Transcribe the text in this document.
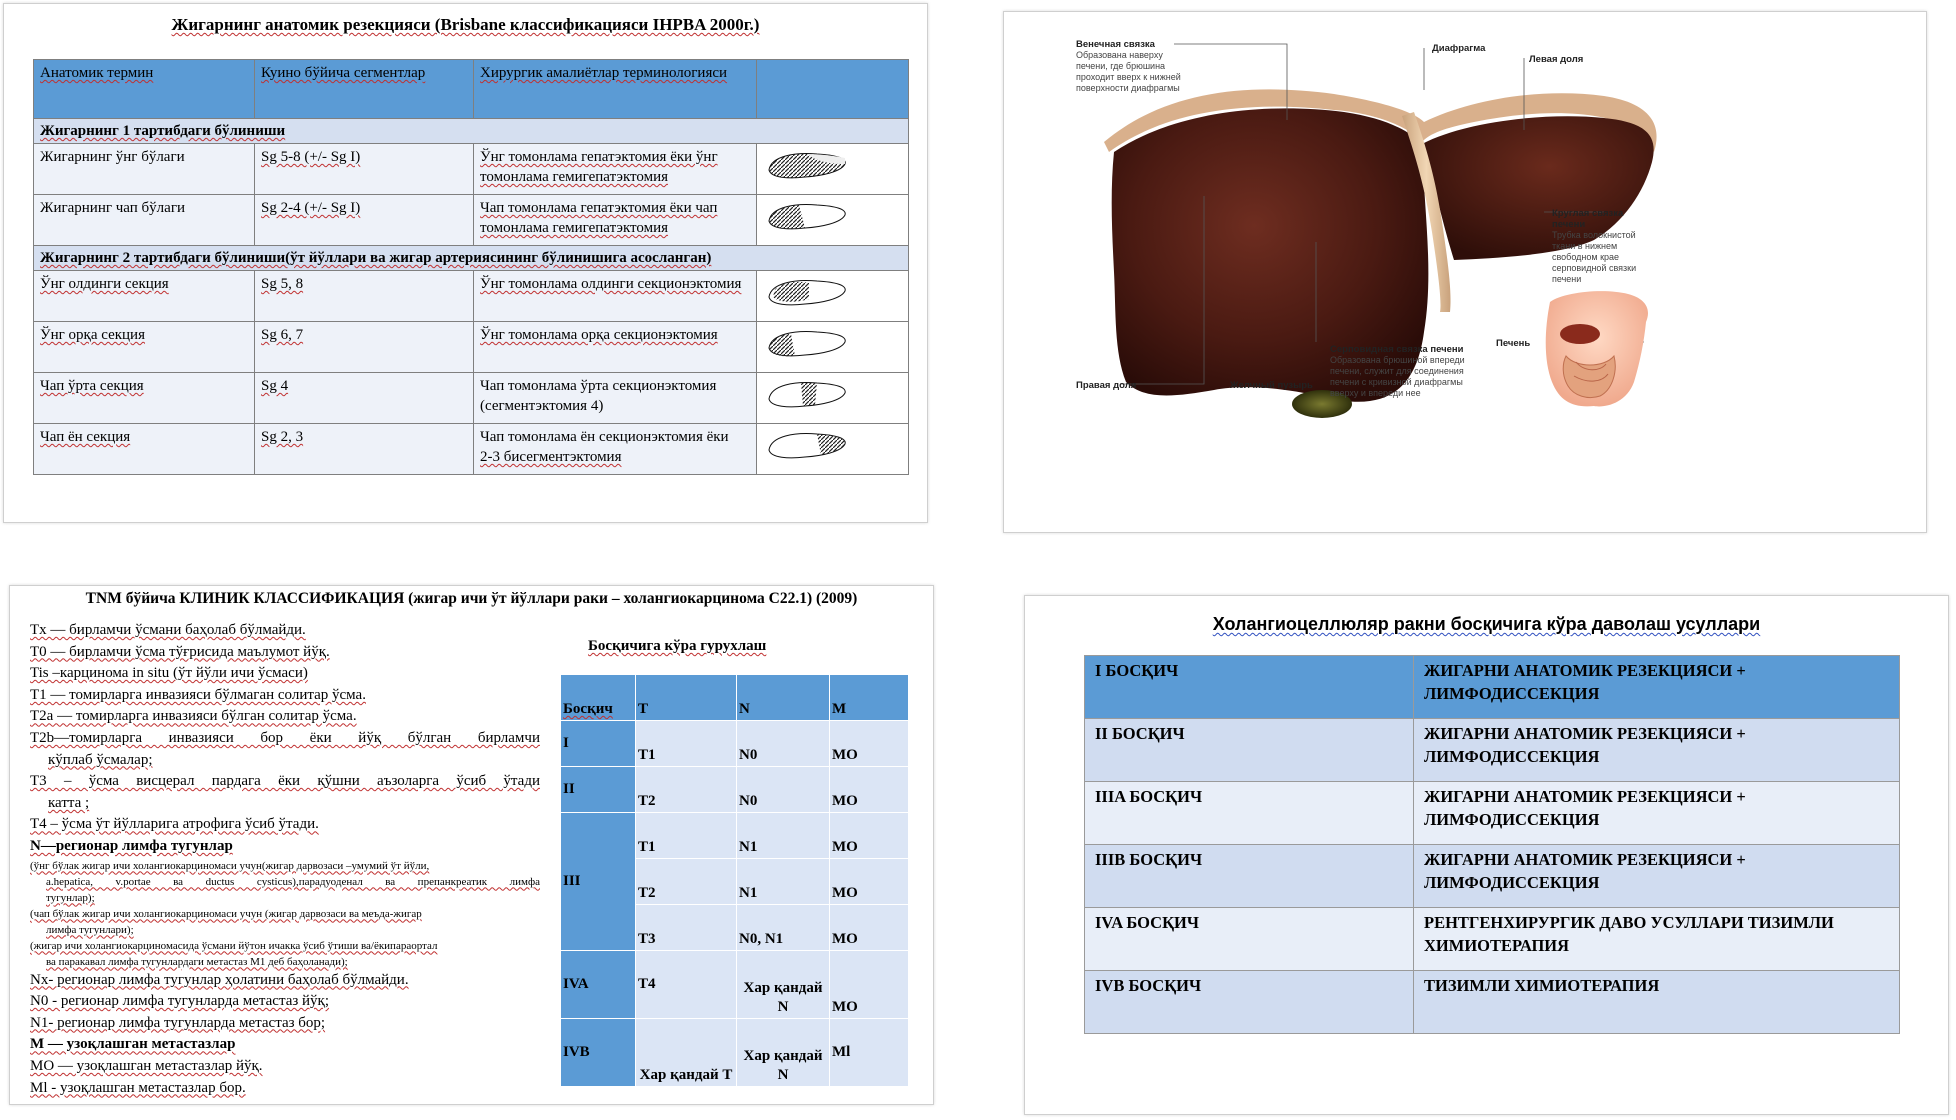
Жигарнинг анатомик резекцияси (Brisbane классификацияси IHPBA 2000г.)
Анатомик термин	Куино бўйича сегментлар	Хирургик амалиётлар терминологияси	
Жигарнинг 1 тартибдаги бўлиниши			
Жигарнинг ўнг бўлаги	Sg 5-8 (+/- Sg I)	Ўнг томонлама гепатэктомия ёки ўнг томонлама гемигепатэктомия	
Жигарнинг чап бўлаги	Sg 2-4 (+/- Sg I)	Чап томонлама гепатэктомия ёки чап томонлама гемигепатэктомия	
Жигарнинг 2 тартибдаги бўлиниши(ўт йўллари ва жигар артериясининг бўлинишига асосланган)			
Ўнг олдинги секция	Sg 5, 8	Ўнг томонлама олдинги секционэктомия	
Ўнг орқа секция	Sg 6, 7	Ўнг томонлама орқа секционэктомия	
Чап ўрта секция	Sg 4	Чап томонлама ўрта секционэктомия (сегментэктомия 4)	
Чап ён секция	Sg 2, 3	Чап томонлама ён секционэктомия ёки
2-3 бисегментэктомия

Венечная связка
Образована наверху печени, где брюшина проходит вверх к нижней поверхности диафрагмы
Диафрагма
Левая доля
Круглая связка печени
Трубка волокнистой ткани в нижнем свободном крае серповидной связки печени
Печень
Серповидная связка печени
Образована брюшиной впереди печени, служит для соединения печени с кривизной диафрагмы вверху и впереди нее
Желчный пузырь
Правая доля
TNM бўйича КЛИНИК КЛАССИФИКАЦИЯ (жигар ичи ўт йўллари раки – холангиокарцинома С22.1) (2009)
Tx — бирламчи ўсмани баҳолаб бўлмайди.
T0 — бирламчи ўсма тўғрисида маълумот йўқ.
Tis –карцинома in situ (ўт йўли ичи ўсмаси)
T1 — томирларга инвазияси бўлмаган солитар ўсма.
T2a — томирларга инвазияси бўлган солитар ўсма.
T2b—томирларга инвазияси бор ёки йўқ бўлган бирламчи
кўплаб ўсмалар;
T3 – ўсма висцерал пардага ёки қўшни аъзоларга ўсиб ўтади
катта ;
T4 – ўсма ўт йўлларига атрофига ўсиб ўтади.
N—регионар лимфа тугунлар
(ўнг бўлак жигар ичи холангиокарциномаси учун(жигар дарвозаси –умумий ўт йўли,
a.hepatica, v.portae ва ductus cysticus),парадуоденал ва препанкреатик лимфа
тугунлар);
(чап бўлак жигар ичи холангиокарциномаси учун (жигар дарвозаси ва меъда-жигар
лимфа тугунлари);
(жигар ичи холангиокарциномасида ўсмани йўтон ичакка ўсиб ўтиши ва/ёкипараортал
ва паракавал лимфа тугунлардаги метастаз М1 деб баҳоланади);
Nx- регионар лимфа тугунлар ҳолатини баҳолаб бўлмайди.
N0 - регионар лимфа тугунларда метастаз йўқ;
N1- регионар лимфа тугунларда метастаз бор;
M — узоқлашган метастазлар
MO — узоқлашган метастазлар йўқ.
Ml - узоқлашган метастазлар бор.
Босқичига кўра гурухлаш
Босқич	T	N	M
I	T1	N0	MO
II	T2	N0	MO
III	T1	N1	MO
	T2	N1	MO
	T3	N0, N1	MO
IVA	T4	Хар қандай N	MO
IVB	Хар қандай T	Хар қандай N	Ml
Холангиоцеллюляр ракни босқичига кўра даволаш усуллари
I БОСҚИЧ	ЖИГАРНИ АНАТОМИК РЕЗЕКЦИЯСИ + ЛИМФОДИССЕКЦИЯ
II БОСҚИЧ	ЖИГАРНИ АНАТОМИК РЕЗЕКЦИЯСИ + ЛИМФОДИССЕКЦИЯ
IIIA БОСҚИЧ	ЖИГАРНИ АНАТОМИК РЕЗЕКЦИЯСИ + ЛИМФОДИССЕКЦИЯ
IIIB БОСҚИЧ	ЖИГАРНИ АНАТОМИК РЕЗЕКЦИЯСИ + ЛИМФОДИССЕКЦИЯ
IVA БОСҚИЧ	РЕНТГЕНХИРУРГИК ДАВО УСУЛЛАРИ ТИЗИМЛИ ХИМИОТЕРАПИЯ
IVB БОСҚИЧ	ТИЗИМЛИ ХИМИОТЕРАПИЯ
